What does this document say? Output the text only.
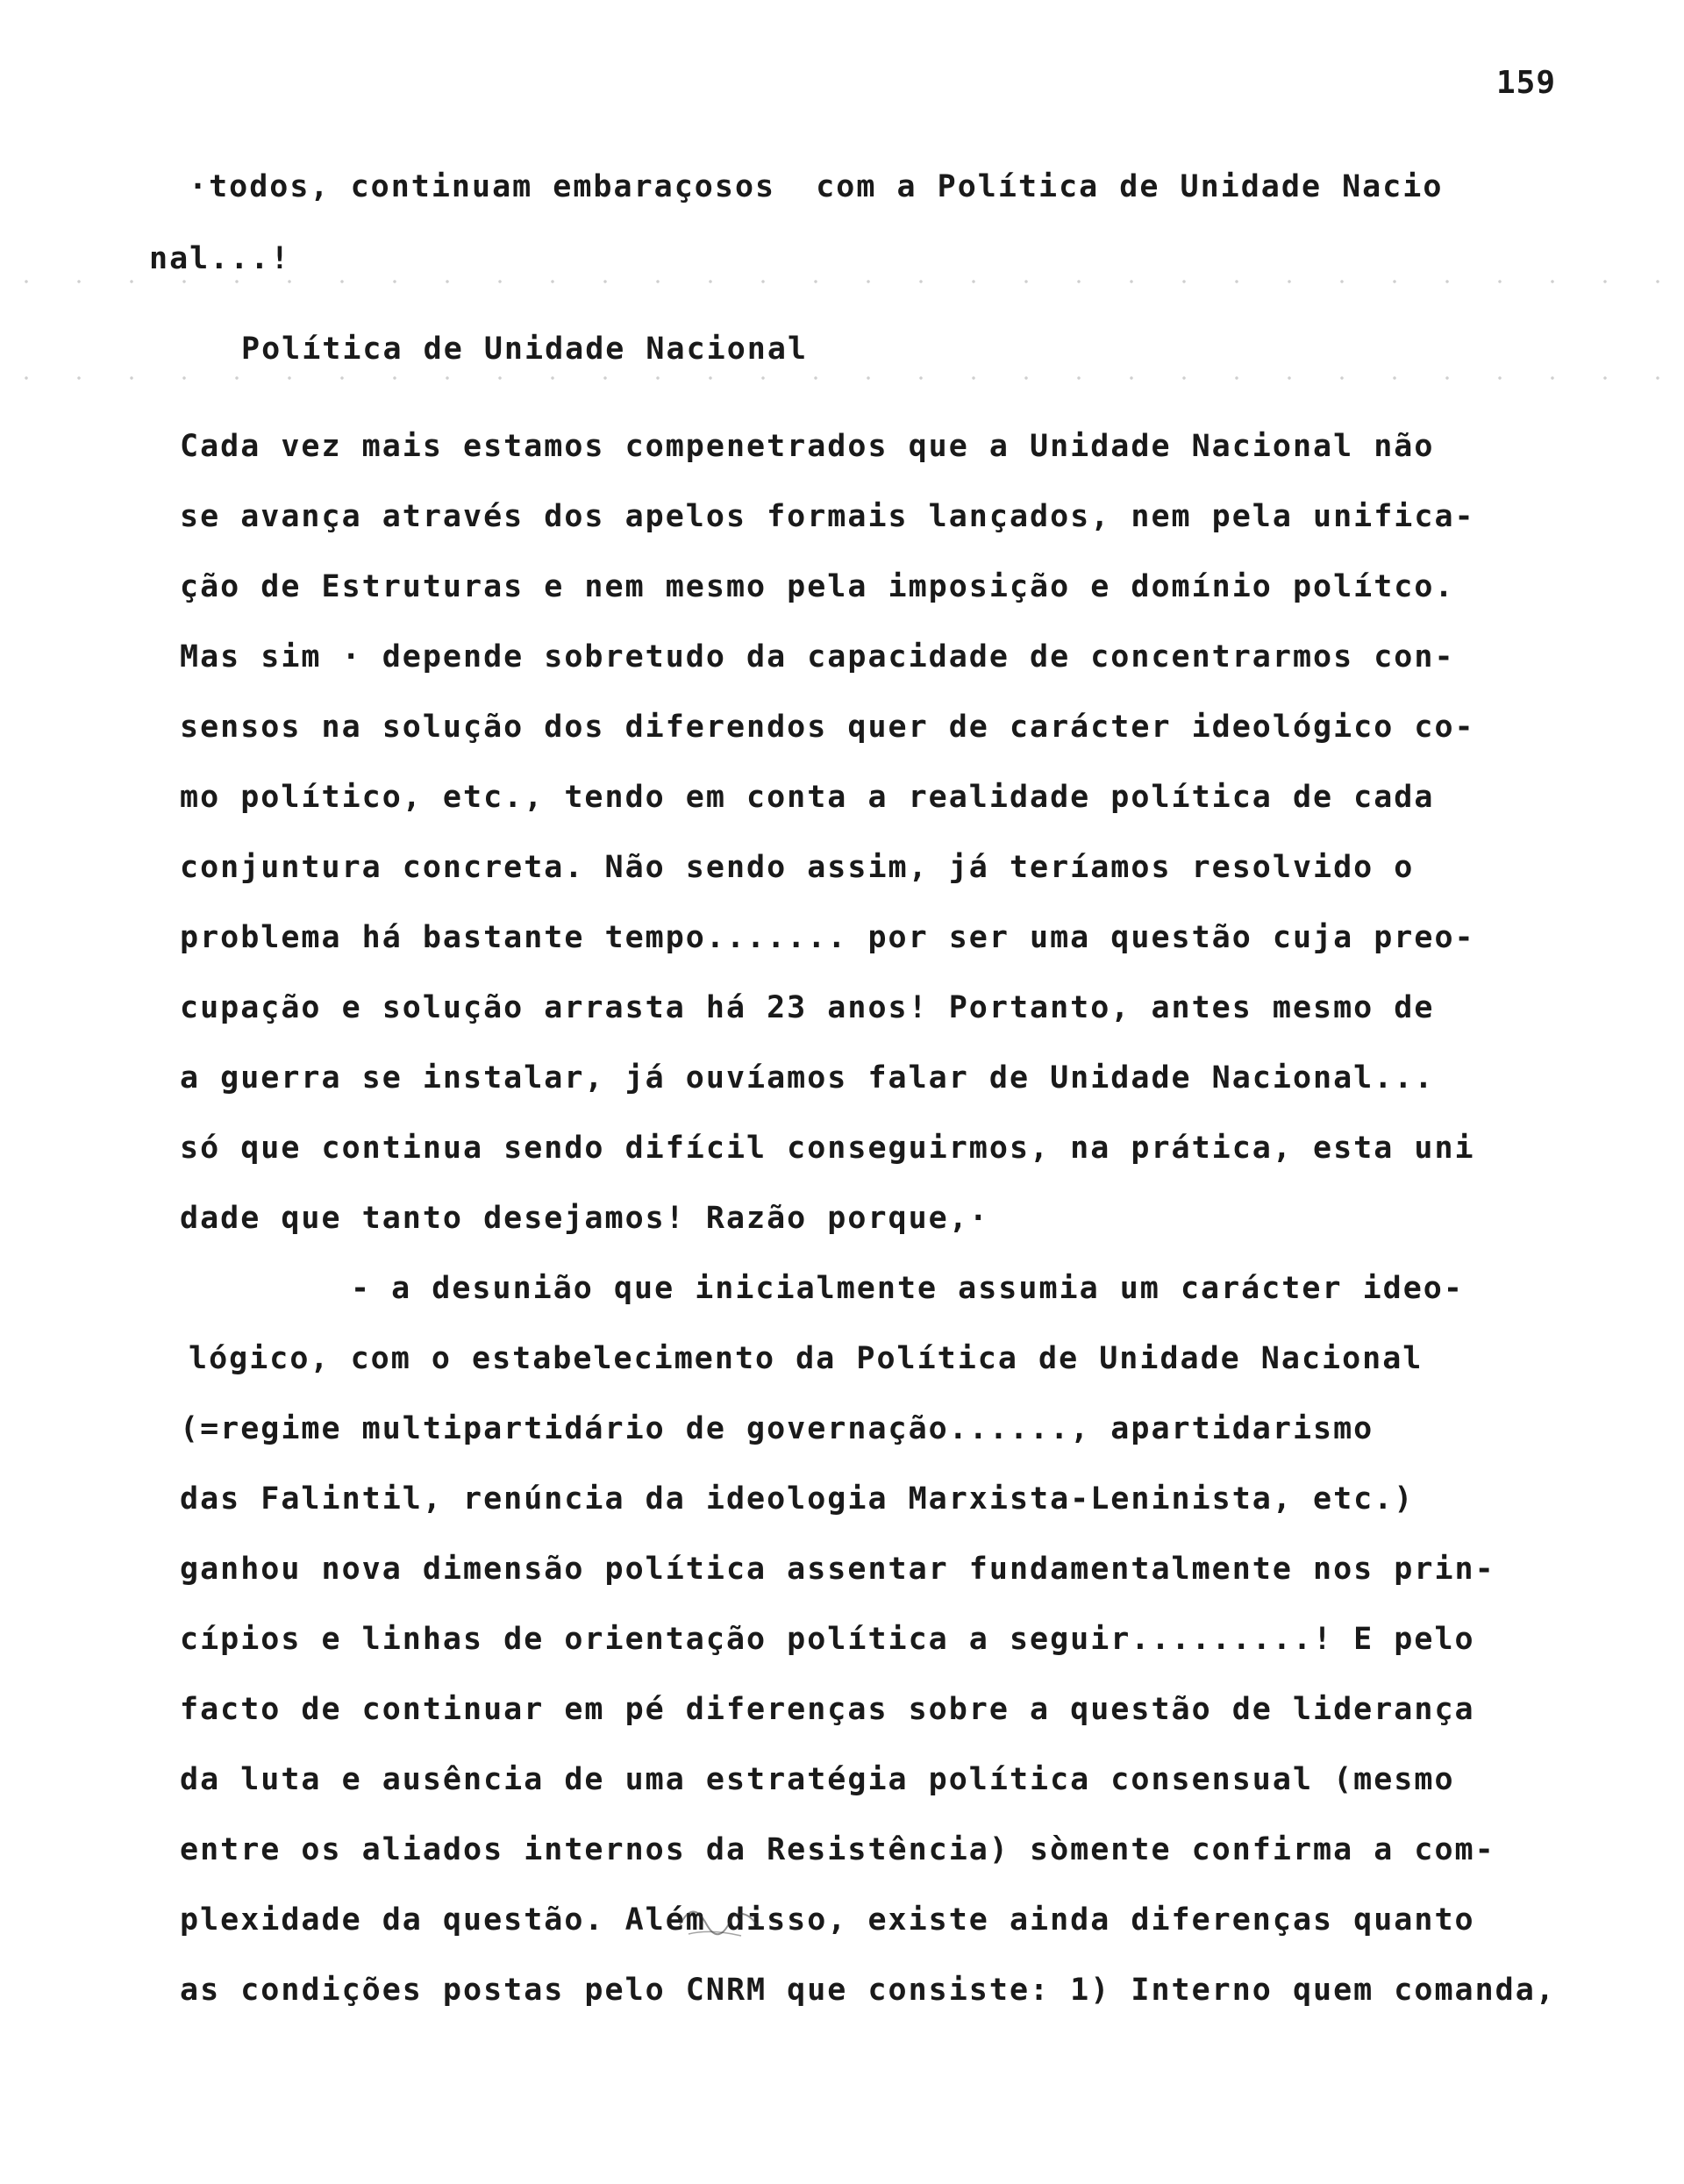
159
·todos, continuam embaraçosos  com a Política de Unidade Nacio
nal...!
Política de Unidade Nacional
Cada vez mais estamos compenetrados que a Unidade Nacional não
se avança através dos apelos formais lançados, nem pela unifica-
ção de Estruturas e nem mesmo pela imposição e domínio polítco.
Mas sim · depende sobretudo da capacidade de concentrarmos con-
sensos na solução dos diferendos quer de carácter ideológico co-
mo político, etc., tendo em conta a realidade política de cada
conjuntura concreta. Não sendo assim, já teríamos resolvido o
problema há bastante tempo....... por ser uma questão cuja preo-
cupação e solução arrasta há 23 anos! Portanto, antes mesmo de
a guerra se instalar, já ouvíamos falar de Unidade Nacional...
só que continua sendo difícil conseguirmos, na prática, esta uni
dade que tanto desejamos! Razão porque,·
- a desunião que inicialmente assumia um carácter ideo-
lógico, com o estabelecimento da Política de Unidade Nacional
(=regime multipartidário de governação......, apartidarismo
das Falintil, renúncia da ideologia Marxista-Leninista, etc.)
ganhou nova dimensão política assentar fundamentalmente nos prin-
cípios e linhas de orientação política a seguir.........! E pelo
facto de continuar em pé diferenças sobre a questão de liderança
da luta e ausência de uma estratégia política consensual (mesmo
entre os aliados internos da Resistência) sòmente confirma a com-
plexidade da questão. Além disso, existe ainda diferenças quanto
as condições postas pelo CNRM que consiste: 1) Interno quem comanda,
